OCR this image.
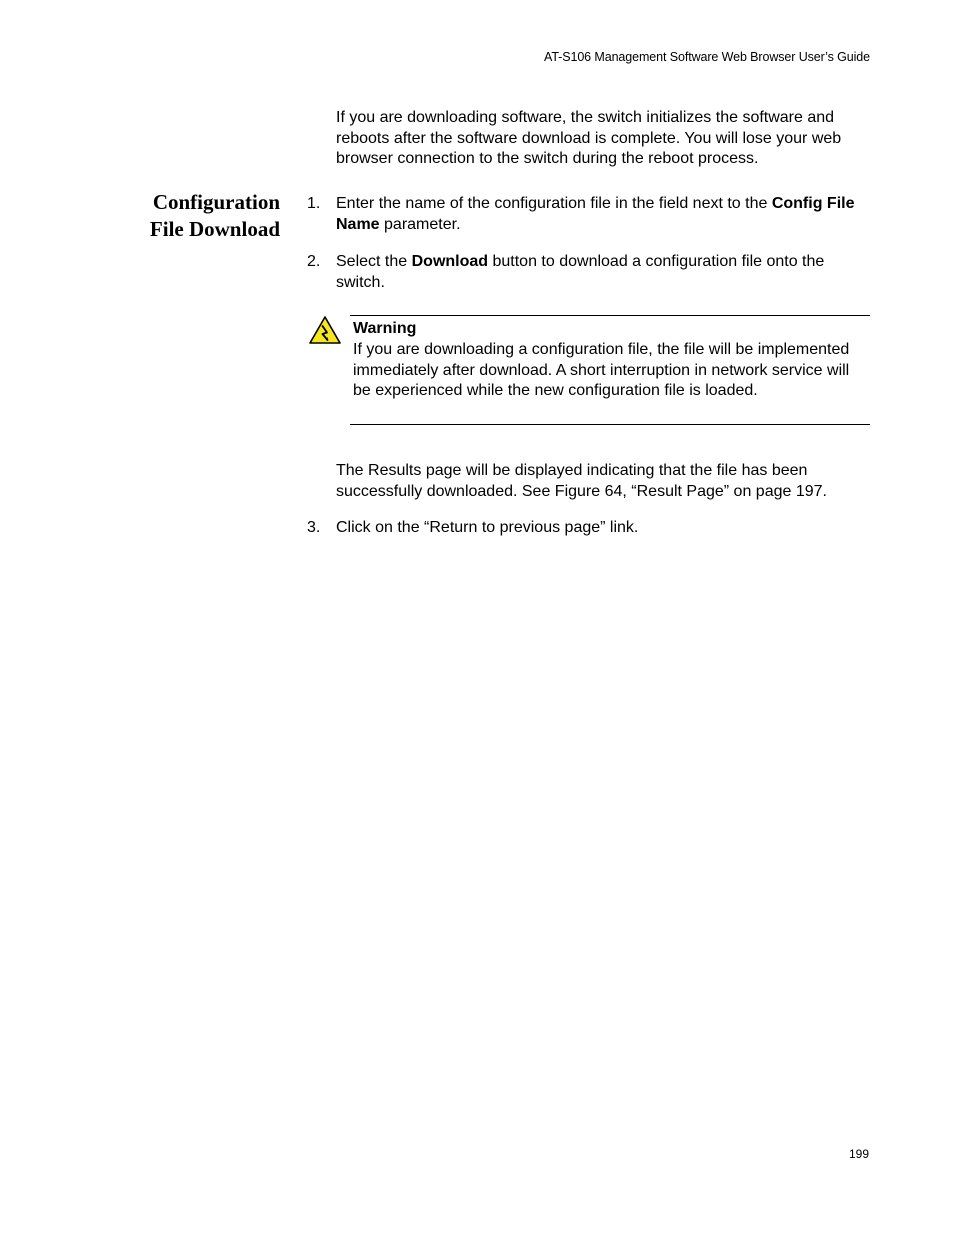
AT-S106 Management Software Web Browser User’s Guide
If you are downloading software, the switch initializes the software and reboots after the software download is complete. You will lose your web browser connection to the switch during the reboot process.
Configuration
File Download
1. Enter the name of the configuration file in the field next to the Config File Name parameter.
2. Select the Download button to download a configuration file onto the switch.
Warning
If you are downloading a configuration file, the file will be implemented immediately after download. A short interruption in network service will be experienced while the new configuration file is loaded.
The Results page will be displayed indicating that the file has been successfully downloaded. See Figure 64, “Result Page” on page 197.
3. Click on the “Return to previous page” link.
199
